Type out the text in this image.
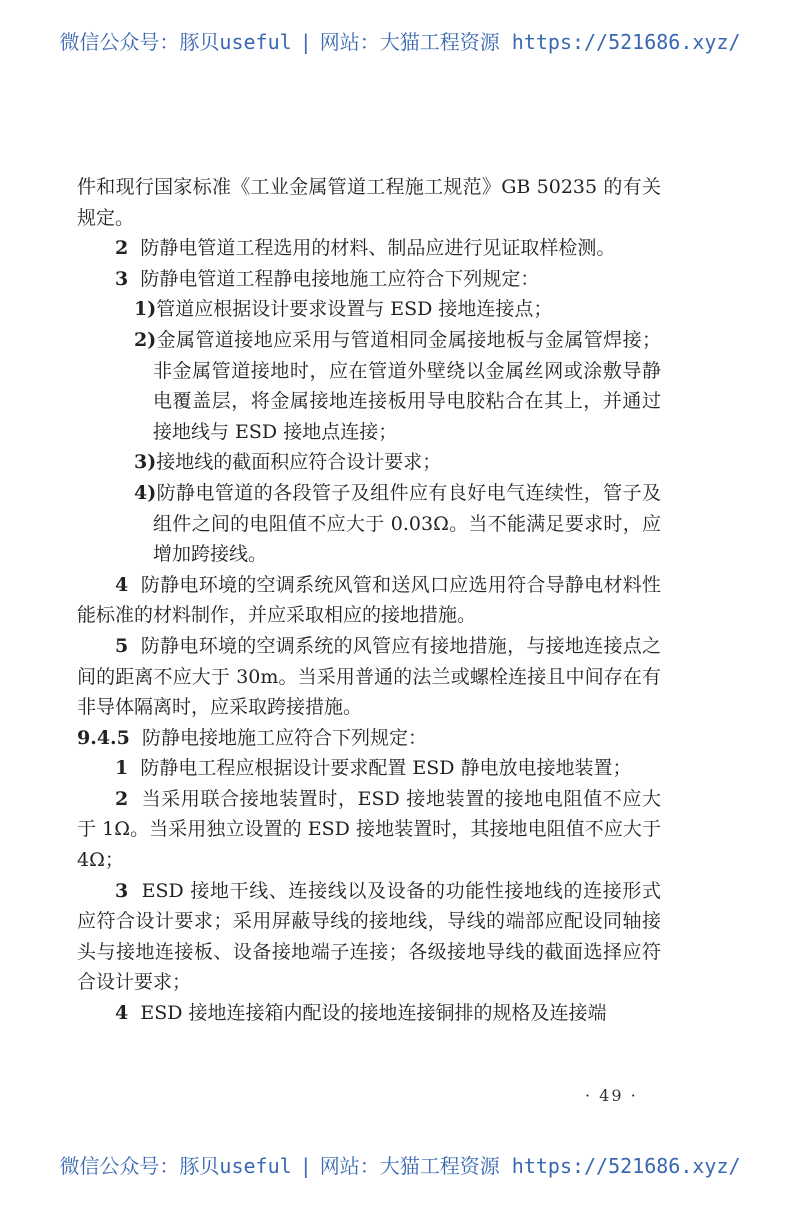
微信公众号：豚贝useful | 网站：大猫工程资源 https://521686.xyz/

件和现行国家标准《工业金属管道工程施工规范》GB 50235 的有关规定。

2 防静电管道工程选用的材料、制品应进行见证取样检测。

3 防静电管道工程静电接地施工应符合下列规定：

1)管道应根据设计要求设置与 ESD 接地连接点；

2)金属管道接地应采用与管道相同金属接地板与金属管焊接；非金属管道接地时，应在管道外壁绕以金属丝网或涂敷导静电覆盖层，将金属接地连接板用导电胶粘合在其上，并通过接地线与 ESD 接地点连接；

3)接地线的截面积应符合设计要求；

4)防静电管道的各段管子及组件应有良好电气连续性，管子及组件之间的电阻值不应大于 0.03Ω。当不能满足要求时，应增加跨接线。

4 防静电环境的空调系统风管和送风口应选用符合导静电材料性能标准的材料制作，并应采取相应的接地措施。

5 防静电环境的空调系统的风管应有接地措施，与接地连接点之间的距离不应大于 30m。当采用普通的法兰或螺栓连接且中间存在有非导体隔离时，应采取跨接措施。

9.4.5 防静电接地施工应符合下列规定：

1 防静电工程应根据设计要求配置 ESD 静电放电接地装置；

2 当采用联合接地装置时，ESD 接地装置的接地电阻值不应大于 1Ω。当采用独立设置的 ESD 接地装置时，其接地电阻值不应大于 4Ω；

3 ESD 接地干线、连接线以及设备的功能性接地线的连接形式应符合设计要求；采用屏蔽导线的接地线，导线的端部应配设同轴接头与接地连接板、设备接地端子连接；各级接地导线的截面选择应符合设计要求；

4 ESD 接地连接箱内配设的接地连接铜排的规格及连接端

· 49 ·
微信公众号：豚贝useful | 网站：大猫工程资源 https://521686.xyz/
